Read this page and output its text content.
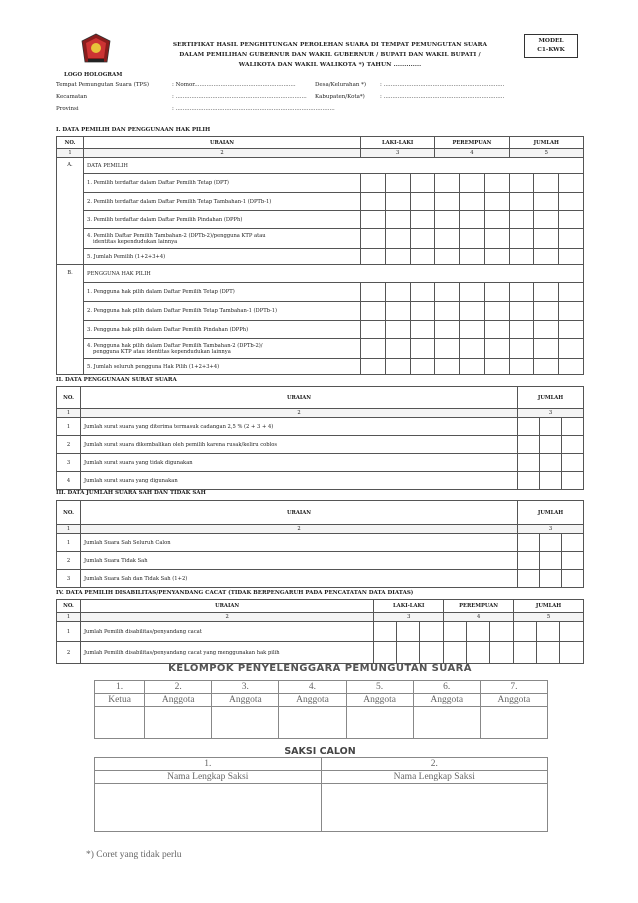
SERTIFIKAT HASIL PENGHITUNGAN PEROLEHAN SUARA DI TEMPAT PEMUNGUTAN SUARA
DALAM PEMILIHAN GUBERNUR DAN WAKIL GUBERNUR / BUPATI DAN WAKIL BUPATI /
WALIKOTA DAN WAKIL WALIKOTA *) TAHUN .............
MODEL
C1-KWK
LOGO HOLOGRAM
Tempat Pemungutan Suara (TPS)	: Nomor..........................................................	Desa/Kelurahan *)	: .....................................................................
Kecamatan	: ........................................................................... Kabupaten/Kota*)	: .....................................................................
Provinsi	: ...........................................................................................
I. DATA PEMILIH DAN PENGGUNAAN HAK PILIH
NO.	URAIAN	LAKI-LAKI			PEREMPUAN			JUMLAH		
1	2	3			4			5		
A.	DATA PEMILIH									
	1. Pemilih terdaftar dalam Daftar Pemilih Tetap (DPT)									
	2. Pemilih terdaftar dalam Daftar Pemilih Tetap Tambahan-1 (DPTb-1)									
	3. Pemilih terdaftar dalam Daftar Pemilih Pindahan (DPPh)									

	4. Pemilih Daftar Pemilih Tambahan-2 (DPTb-2)/pengguna KTP atau
identitas kependudukan lainnya									

	5. Jumlah Pemilih (1+2+3+4)									
B.	PENGGUNA HAK PILIH									
	1. Pengguna hak pilih dalam Daftar Pemilih Tetap (DPT)									
	2. Pengguna hak pilih dalam Daftar Pemilih Tetap Tambahan-1 (DPTb-1)									
	3. Pengguna hak pilih dalam Daftar Pemilih Pindahan (DPPh)									

	4. Pengguna hak pilih dalam Daftar Pemilih Tambahan-2 (DPTb-2)/
pengguna KTP atau identitas kependudukan lainnya									

	5. Jumlah seluruh pengguna Hak Pilih (1+2+3+4)									
II. DATA PENGGUNAAN SURAT SUARA
NO.	URAIAN	JUMLAH		
1	2	3		
1	Jumlah surat suara yang diterima termasuk cadangan 2,5 % (2 + 3 + 4)			
2	Jumlah surat suara dikembalikan oleh pemilih karena rusak/keliru coblos			
3	Jumlah surat suara yang tidak digunakan			
4	Jumlah surat suara yang digunakan			
III. DATA JUMLAH SUARA SAH DAN TIDAK SAH
NO.	URAIAN	JUMLAH		
1	2	3		
1	Jumlah Suara Sah Seluruh Calon			
2	Jumlah Suara Tidak Sah			
3	Jumlah Suara Sah dan Tidak Sah (1+2)			
IV. DATA PEMILIH DISABILITAS/PENYANDANG CACAT (TIDAK BERPENGARUH PADA PENCATATAN DATA DIATAS)
NO.	URAIAN	LAKI-LAKI			PEREMPUAN			JUMLAH		
1	2	3			4			5		
1	Jumlah Pemilih disabilitas/penyandang cacat									
2	Jumlah Pemilih disabilitas/penyandang cacat yang menggunakan hak pilih									
KELOMPOK PENYELENGGARA PEMUNGUTAN SUARA
1.	2.	3.	4.	5.	6.	7.
Ketua	Anggota	Anggota	Anggota	Anggota	Anggota	Anggota

SAKSI CALON
1.	2.
Nama Lengkap Saksi	Nama Lengkap Saksi

*) Coret yang tidak perlu
